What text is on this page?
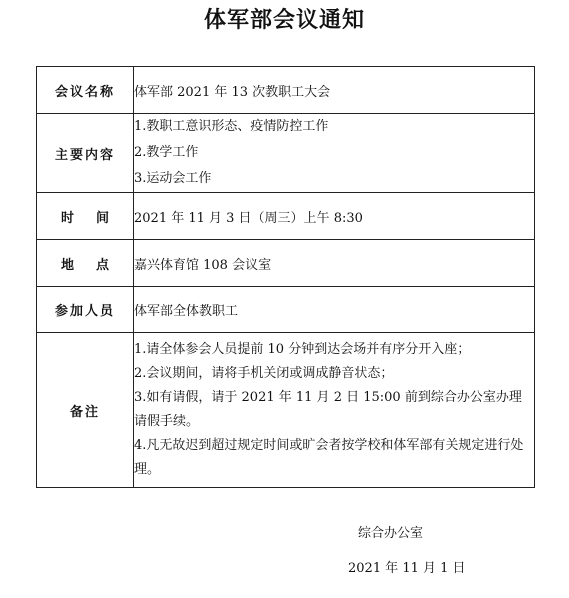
体军部会议通知
会议名称	体军部 2021 年 13 次教职工大会
主要内容	1.教职工意识形态、疫情防控工作
2.教学工作
3.运动会工作

时间	2021 年 11 月 3 日（周三）上午 8:30
地点	嘉兴体育馆 108 会议室
参加人员	体军部全体教职工
备注	1.请全体参会人员提前 10 分钟到达会场并有序分开入座；
2.会议期间，请将手机关闭或调成静音状态；
3.如有请假，请于 2021 年 11 月 2 日 15:00 前到综合办公室办理请假手续。
4.凡无故迟到超过规定时间或旷会者按学校和体军部有关规定进行处理。
综合办公室
2021 年 11 月 1 日
